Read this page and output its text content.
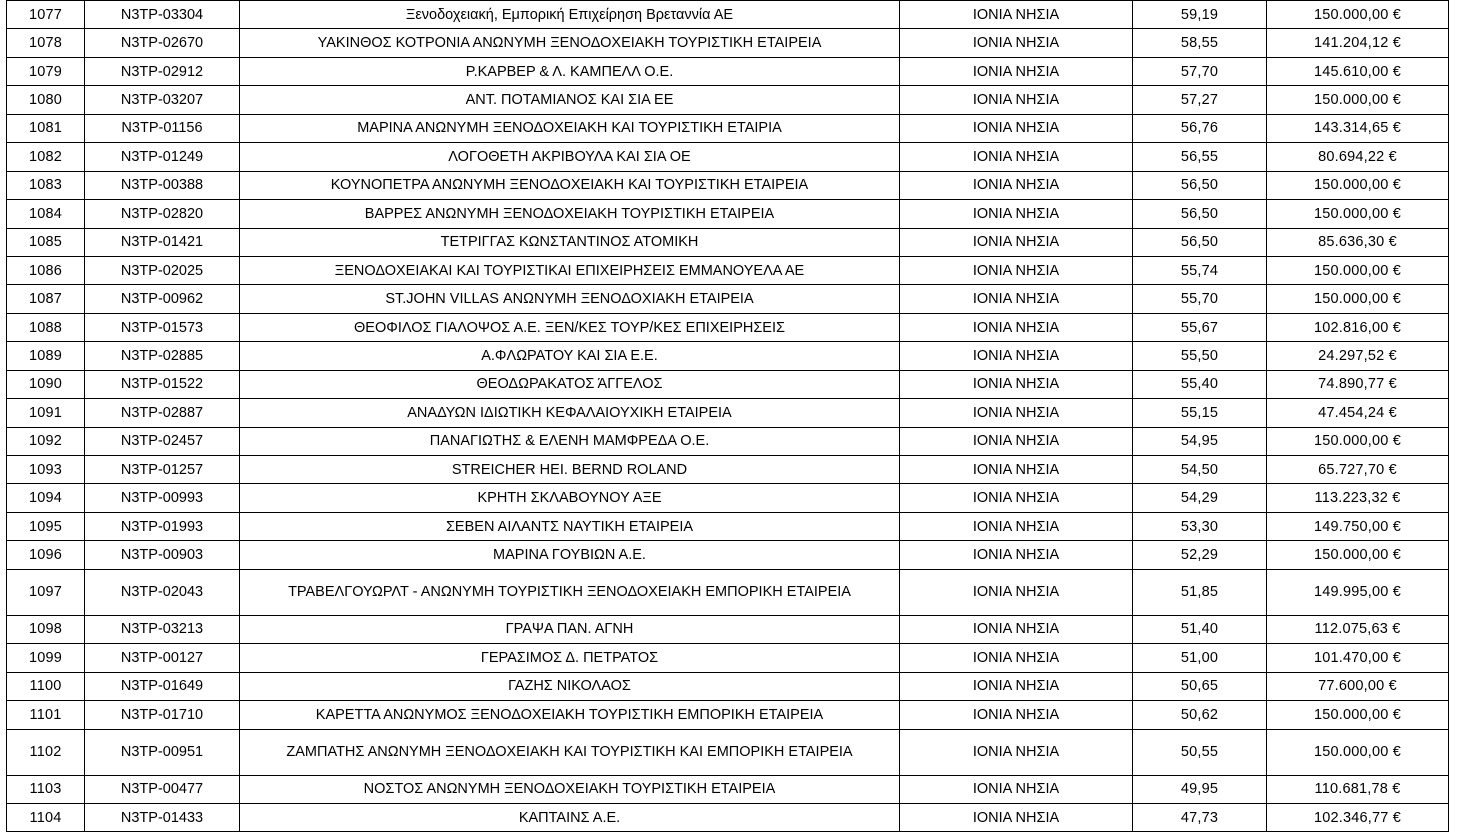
1077	N3TP-03304	Ξενοδοχειακή, Εμπορική Επιχείρηση Βρεταννία ΑΕ	ΙΟΝΙΑ ΝΗΣΙΑ	59,19	150.000,00 €
1078	N3TP-02670	ΥΑΚΙΝΘΟΣ ΚΟΤΡΟΝΙΑ ΑΝΩΝΥΜΗ ΞΕΝΟΔΟΧΕΙΑΚΗ ΤΟΥΡΙΣΤΙΚΗ ΕΤΑΙΡΕΙΑ	ΙΟΝΙΑ ΝΗΣΙΑ	58,55	141.204,12 €
1079	N3TP-02912	Ρ.ΚΑΡΒΕΡ & Λ. ΚΑΜΠΕΛΛ Ο.Ε.	ΙΟΝΙΑ ΝΗΣΙΑ	57,70	145.610,00 €
1080	N3TP-03207	ΑΝΤ. ΠΟΤΑΜΙΑΝΟΣ ΚΑΙ ΣΙΑ ΕΕ	ΙΟΝΙΑ ΝΗΣΙΑ	57,27	150.000,00 €
1081	N3TP-01156	ΜΑΡΙΝΑ ΑΝΩΝΥΜΗ ΞΕΝΟΔΟΧΕΙΑΚΗ ΚΑΙ ΤΟΥΡΙΣΤΙΚΗ ΕΤΑΙΡΙΑ	ΙΟΝΙΑ ΝΗΣΙΑ	56,76	143.314,65 €
1082	N3TP-01249	ΛΟΓΟΘΕΤΗ ΑΚΡΙΒΟΥΛΑ ΚΑΙ ΣΙΑ ΟΕ	ΙΟΝΙΑ ΝΗΣΙΑ	56,55	80.694,22 €
1083	N3TP-00388	ΚΟΥΝΟΠΕΤΡΑ ΑΝΩΝΥΜΗ ΞΕΝΟΔΟΧΕΙΑΚΗ ΚΑΙ ΤΟΥΡΙΣΤΙΚΗ ΕΤΑΙΡΕΙΑ	ΙΟΝΙΑ ΝΗΣΙΑ	56,50	150.000,00 €
1084	N3TP-02820	ΒΑΡΡΕΣ ΑΝΩΝΥΜΗ ΞΕΝΟΔΟΧΕΙΑΚΗ ΤΟΥΡΙΣΤΙΚΗ ΕΤΑΙΡΕΙΑ	ΙΟΝΙΑ ΝΗΣΙΑ	56,50	150.000,00 €
1085	N3TP-01421	ΤΕΤΡΙΓΓΑΣ ΚΩΝΣΤΑΝΤΙΝΟΣ ΑΤΟΜΙΚΗ	ΙΟΝΙΑ ΝΗΣΙΑ	56,50	85.636,30 €
1086	N3TP-02025	ΞΕΝΟΔΟΧΕΙΑΚΑΙ ΚΑΙ ΤΟΥΡΙΣΤΙΚΑΙ ΕΠΙΧΕΙΡΗΣΕΙΣ ΕΜΜΑΝΟΥΕΛΑ ΑΕ	ΙΟΝΙΑ ΝΗΣΙΑ	55,74	150.000,00 €
1087	N3TP-00962	ST.JOHN VILLAS ΑΝΩΝΥΜΗ ΞΕΝΟΔΟΧΙΑΚΗ ΕΤΑΙΡΕΙΑ	ΙΟΝΙΑ ΝΗΣΙΑ	55,70	150.000,00 €
1088	N3TP-01573	ΘΕΟΦΙΛΟΣ ΓΙΑΛΟΨΟΣ Α.Ε. ΞΕΝ/ΚΕΣ ΤΟΥΡ/ΚΕΣ ΕΠΙΧΕΙΡΗΣΕΙΣ	ΙΟΝΙΑ ΝΗΣΙΑ	55,67	102.816,00 €
1089	N3TP-02885	Α.ΦΛΩΡΑΤΟΥ ΚΑΙ ΣΙΑ Ε.Ε.	ΙΟΝΙΑ ΝΗΣΙΑ	55,50	24.297,52 €
1090	N3TP-01522	ΘΕΟΔΩΡΑΚΑΤΟΣ ΆΓΓΕΛΟΣ	ΙΟΝΙΑ ΝΗΣΙΑ	55,40	74.890,77 €
1091	N3TP-02887	ΑΝΑΔΥΩΝ ΙΔΙΩΤΙΚΗ ΚΕΦΑΛΑΙΟΥΧΙΚΗ ΕΤΑΙΡΕΙΑ	ΙΟΝΙΑ ΝΗΣΙΑ	55,15	47.454,24 €
1092	N3TP-02457	ΠΑΝΑΓΙΩΤΗΣ & ΕΛΕΝΗ ΜΑΜΦΡΕΔΑ Ο.Ε.	ΙΟΝΙΑ ΝΗΣΙΑ	54,95	150.000,00 €
1093	N3TP-01257	STREICHER HEI. BERND ROLAND	ΙΟΝΙΑ ΝΗΣΙΑ	54,50	65.727,70 €
1094	N3TP-00993	ΚΡΗΤΗ ΣΚΛΑΒΟΥΝΟΥ ΑΞΕ	ΙΟΝΙΑ ΝΗΣΙΑ	54,29	113.223,32 €
1095	N3TP-01993	ΣΕΒΕΝ ΑΙΛΑΝΤΣ ΝΑΥΤΙΚΗ ΕΤΑΙΡΕΙΑ	ΙΟΝΙΑ ΝΗΣΙΑ	53,30	149.750,00 €
1096	N3TP-00903	ΜΑΡΙΝΑ ΓΟΥΒΙΩΝ Α.Ε.	ΙΟΝΙΑ ΝΗΣΙΑ	52,29	150.000,00 €
1097	N3TP-02043	ΤΡΑΒΕΛΓΟΥΩΡΛΤ - ΑΝΩΝΥΜΗ ΤΟΥΡΙΣΤΙΚΗ ΞΕΝΟΔΟΧΕΙΑΚΗ ΕΜΠΟΡΙΚΗ ΕΤΑΙΡΕΙΑ	ΙΟΝΙΑ ΝΗΣΙΑ	51,85	149.995,00 €
1098	N3TP-03213	ΓΡΑΨΑ ΠΑΝ. ΑΓΝΗ	ΙΟΝΙΑ ΝΗΣΙΑ	51,40	112.075,63 €
1099	N3TP-00127	ΓΕΡΑΣΙΜΟΣ Δ. ΠΕΤΡΑΤΟΣ	ΙΟΝΙΑ ΝΗΣΙΑ	51,00	101.470,00 €
1100	N3TP-01649	ΓΑΖΗΣ ΝΙΚΟΛΑΟΣ	ΙΟΝΙΑ ΝΗΣΙΑ	50,65	77.600,00 €
1101	N3TP-01710	ΚΑΡΕΤΤΑ ΑΝΩΝΥΜΟΣ ΞΕΝΟΔΟΧΕΙΑΚΗ ΤΟΥΡΙΣΤΙΚΗ ΕΜΠΟΡΙΚΗ ΕΤΑΙΡΕΙΑ	ΙΟΝΙΑ ΝΗΣΙΑ	50,62	150.000,00 €
1102	N3TP-00951	ΖΑΜΠΑΤΗΣ ΑΝΩΝΥΜΗ ΞΕΝΟΔΟΧΕΙΑΚΗ ΚΑΙ ΤΟΥΡΙΣΤΙΚΗ ΚΑΙ ΕΜΠΟΡΙΚΗ ΕΤΑΙΡΕΙΑ	ΙΟΝΙΑ ΝΗΣΙΑ	50,55	150.000,00 €
1103	N3TP-00477	ΝΟΣΤΟΣ ΑΝΩΝΥΜΗ ΞΕΝΟΔΟΧΕΙΑΚΗ ΤΟΥΡΙΣΤΙΚΗ ΕΤΑΙΡΕΙΑ	ΙΟΝΙΑ ΝΗΣΙΑ	49,95	110.681,78 €
1104	N3TP-01433	ΚΑΠΤΑΙΝΣ Α.Ε.	ΙΟΝΙΑ ΝΗΣΙΑ	47,73	102.346,77 €
